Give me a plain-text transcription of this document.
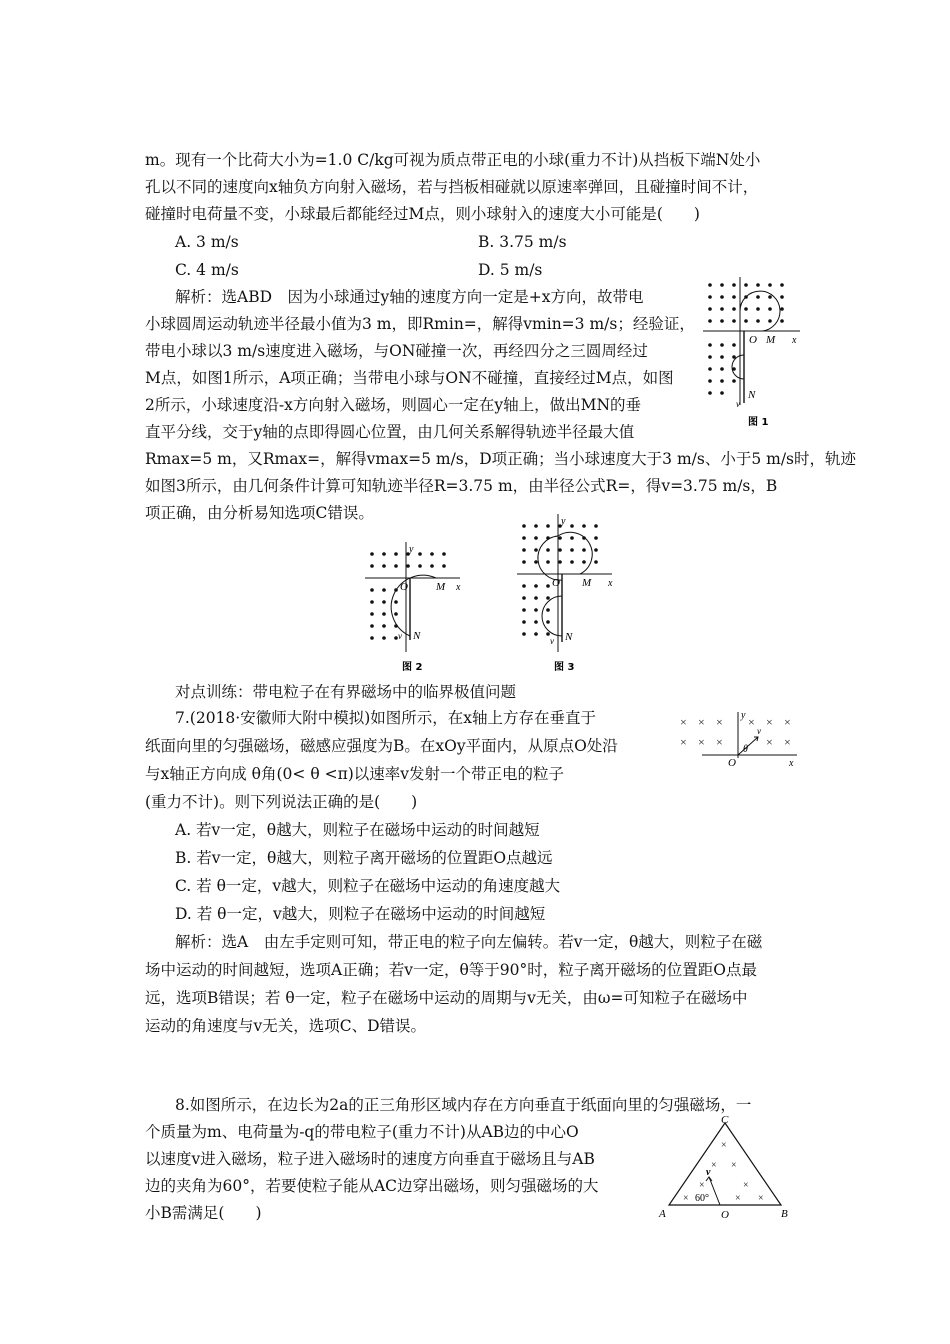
m。现有一个比荷大小为=1.0 C/kg可视为质点带正电的小球(重力不计)从挡板下端N处小
孔以不同的速度向x轴负方向射入磁场，若与挡板相碰就以原速率弹回，且碰撞时间不计，
碰撞时电荷量不变，小球最后都能经过M点，则小球射入的速度大小可能是(　　)
A. 3 m/s	B. 3.75 m/s
C. 4 m/s	D. 5 m/s
解析：选ABD　因为小球通过y轴的速度方向一定是+x方向，故带电
小球圆周运动轨迹半径最小值为3 m，即Rmin=，解得vmin=3 m/s；经验证，
带电小球以3 m/s速度进入磁场，与ON碰撞一次，再经四分之三圆周经过
M点，如图1所示，A项正确；当带电小球与ON不碰撞，直接经过M点，如图
2所示，小球速度沿-x方向射入磁场，则圆心一定在y轴上，做出MN的垂
直平分线，交于y轴的点即得圆心位置，由几何关系解得轨迹半径最大值
Rmax=5 m，又Rmax=，解得vmax=5 m/s，D项正确；当小球速度大于3 m/s、小于5 m/s时，轨迹
如图3所示，由几何条件计算可知轨迹半径R=3.75 m，由半径公式R=，得v=3.75 m/s，B
项正确，由分析易知选项C错误。
O M x
N
v
图 1
y
O	M x
N
v
图 2
y
O M x
N
v
图 3
对点训练：带电粒子在有界磁场中的临界极值问题
7.(2018·安徽师大附中模拟)如图所示，在x轴上方存在垂直于
纸面向里的匀强磁场，磁感应强度为B。在xOy平面内，从原点O处沿
与x轴正方向成 θ角(0< θ <π)以速率v发射一个带正电的粒子
(重力不计)。则下列说法正确的是(　　)
A. 若v一定，θ越大，则粒子在磁场中运动的时间越短
B. 若v一定，θ越大，则粒子离开磁场的位置距O点越远
C. 若 θ一定，v越大，则粒子在磁场中运动的角速度越大
D. 若 θ一定，v越大，则粒子在磁场中运动的时间越短
解析：选A　由左手定则可知，带正电的粒子向左偏转。若v一定，θ越大，则粒子在磁
场中运动的时间越短，选项A正确；若v一定，θ等于90°时，粒子离开磁场的位置距O点最
远，选项B错误；若 θ一定，粒子在磁场中运动的周期与v无关，由ω=可知粒子在磁场中
运动的角速度与v无关，选项C、D错误。
× × × × × ×
× × ×	× ×
y
v
θ
O	x
8.如图所示，在边长为2a的正三角形区域内存在方向垂直于纸面向里的匀强磁场，一
个质量为m、电荷量为-q的带电粒子(重力不计)从AB边的中心O
以速度v进入磁场，粒子进入磁场时的速度方向垂直于磁场且与AB
边的夹角为60°，若要使粒子能从AC边穿出磁场，则匀强磁场的大
小B需满足(　　)
×
× ×
×	×
×	× ×
v
60°
C
A	B
O
